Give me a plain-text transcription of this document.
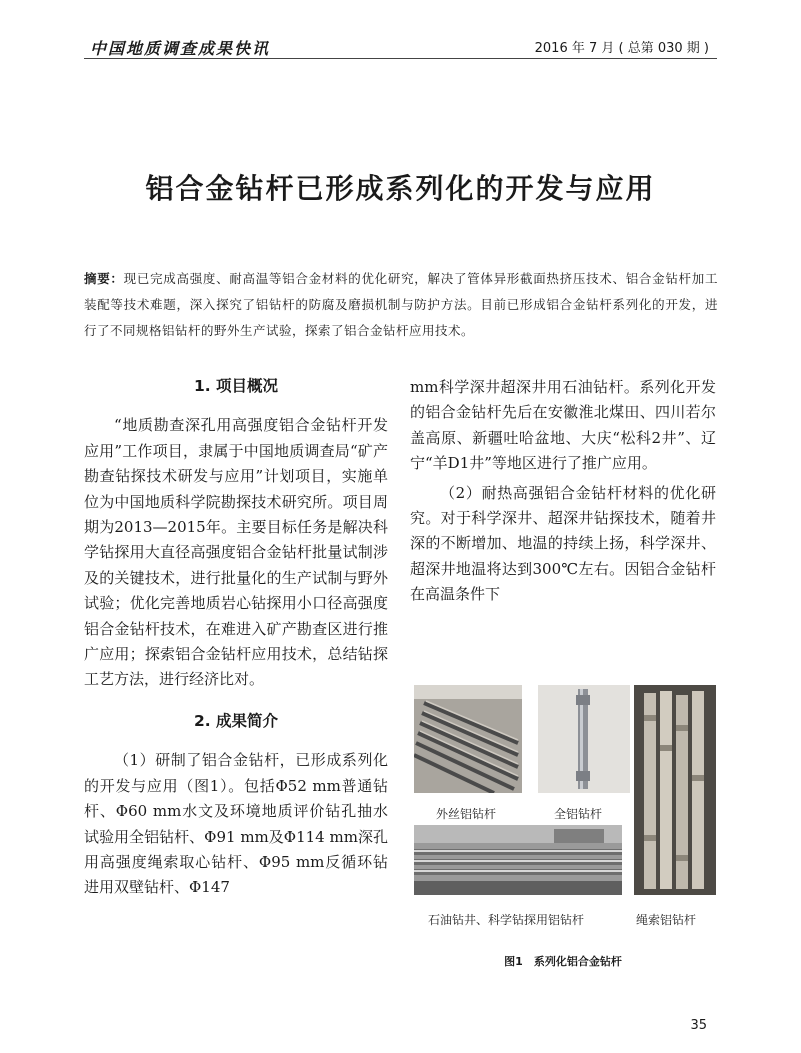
中国地质调查成果快讯	2016 年 7 月 ( 总第 030 期 )
铝合金钻杆已形成系列化的开发与应用
摘要：现已完成高强度、耐高温等铝合金材料的优化研究，解决了管体异形截面热挤压技术、铝合金钻杆加工装配等技术难题，深入探究了铝钻杆的防腐及磨损机制与防护方法。目前已形成铝合金钻杆系列化的开发，进行了不同规格铝钻杆的野外生产试验，探索了铝合金钻杆应用技术。
1. 项目概况

“地质勘查深孔用高强度铝合金钻杆开发应用”工作项目，隶属于中国地质调查局“矿产勘查钻探技术研发与应用”计划项目，实施单位为中国地质科学院勘探技术研究所。项目周期为2013—2015年。主要目标任务是解决科学钻探用大直径高强度铝合金钻杆批量试制涉及的关键技术，进行批量化的生产试制与野外试验；优化完善地质岩心钻探用小口径高强度铝合金钻杆技术，在难进入矿产勘查区进行推广应用；探索铝合金钻杆应用技术，总结钻探工艺方法，进行经济比对。

2. 成果简介

（1）研制了铝合金钻杆，已形成系列化的开发与应用（图1）。包括Φ52 mm普通钻杆、Φ60 mm水文及环境地质评价钻孔抽水试验用全铝钻杆、Φ91 mm及Φ114 mm深孔用高强度绳索取心钻杆、Φ95 mm反循环钻进用双壁钻杆、Φ147

mm科学深井超深井用石油钻杆。系列化开发的铝合金钻杆先后在安徽淮北煤田、四川若尔盖高原、新疆吐哈盆地、大庆“松科2井”、辽宁“羊D1井”等地区进行了推广应用。

（2）耐热高强铝合金钻杆材料的优化研究。对于科学深井、超深井钻探技术，随着井深的不断增加、地温的持续上扬，科学深井、超深井地温将达到300℃左右。因铝合金钻杆在高温条件下

外丝铝钻杆	全铝钻杆
绳索铝钻杆
石油钻井、科学钻探用铝钻杆
图1　系列化铝合金钻杆
35
